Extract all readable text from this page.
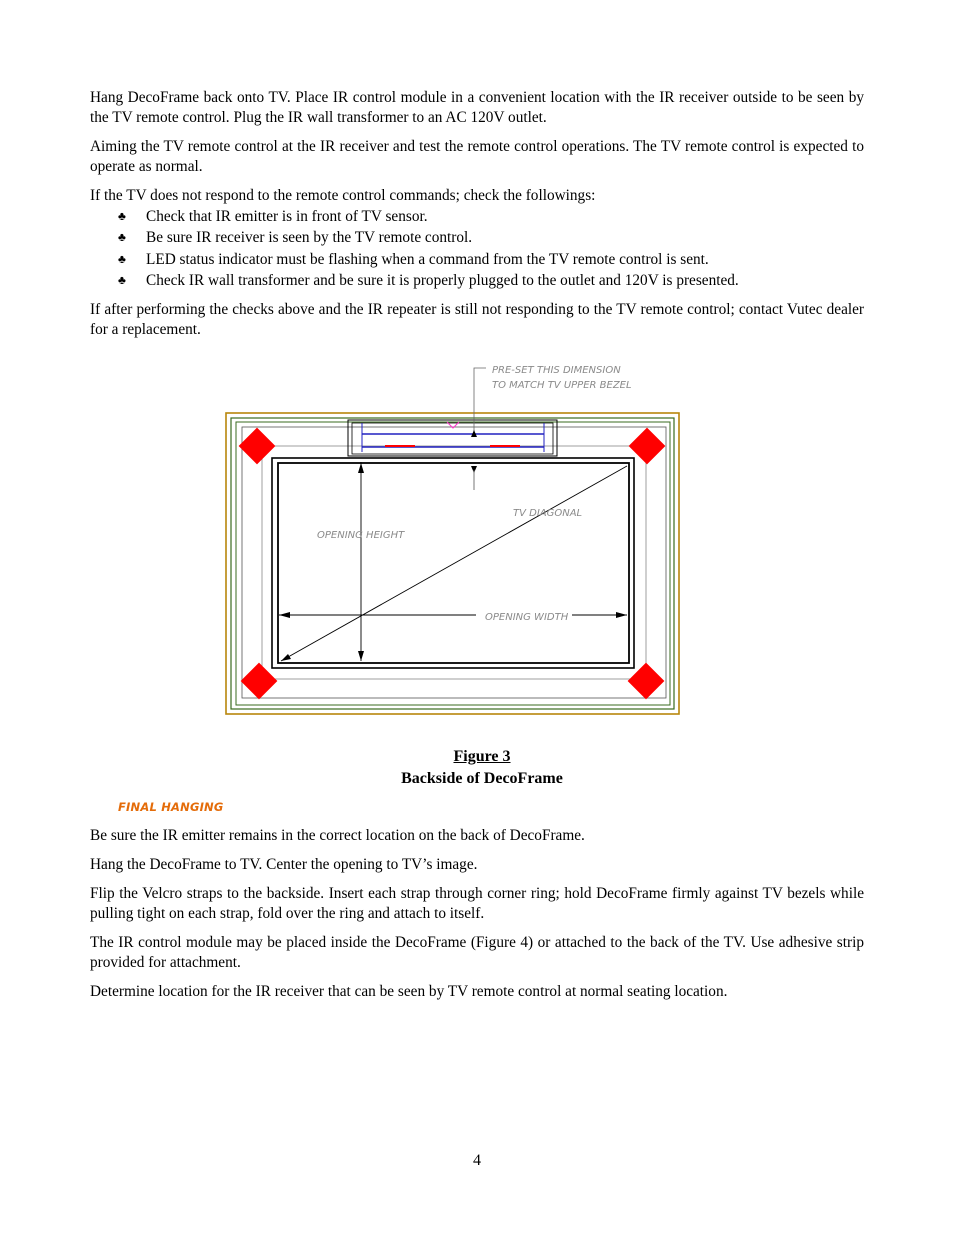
Hang DecoFrame back onto TV. Place IR control module in a convenient location with the IR receiver outside to be seen by the TV remote control. Plug the IR wall transformer to an AC 120V outlet.

Aiming the TV remote control at the IR receiver and test the remote control operations. The TV remote control is expected to operate as normal.

If the TV does not respond to the remote control commands; check the followings:

♣ Check that IR emitter is in front of TV sensor.
♣ Be sure IR receiver is seen by the TV remote control.
♣ LED status indicator must be flashing when a command from the TV remote control is sent.
♣ Check IR wall transformer and be sure it is properly plugged to the outlet and 120V is presented.

If after performing the checks above and the IR repeater is still not responding to the TV remote control; contact Vutec dealer for a replacement.

PRE-SET THIS DIMENSION
TO MATCH TV UPPER BEZEL
TV DIAGONAL
OPENING HEIGHT
OPENING WIDTH

Figure 3

Backside of DecoFrame

FINAL HANGING

Be sure the IR emitter remains in the correct location on the back of DecoFrame.

Hang the DecoFrame to TV. Center the opening to TV’s image.

Flip the Velcro straps to the backside. Insert each strap through corner ring; hold DecoFrame firmly against TV bezels while pulling tight on each strap, fold over the ring and attach to itself.

The IR control module may be placed inside the DecoFrame (Figure 4) or attached to the back of the TV. Use adhesive strip provided for attachment.

Determine location for the IR receiver that can be seen by TV remote control at normal seating location.

4
